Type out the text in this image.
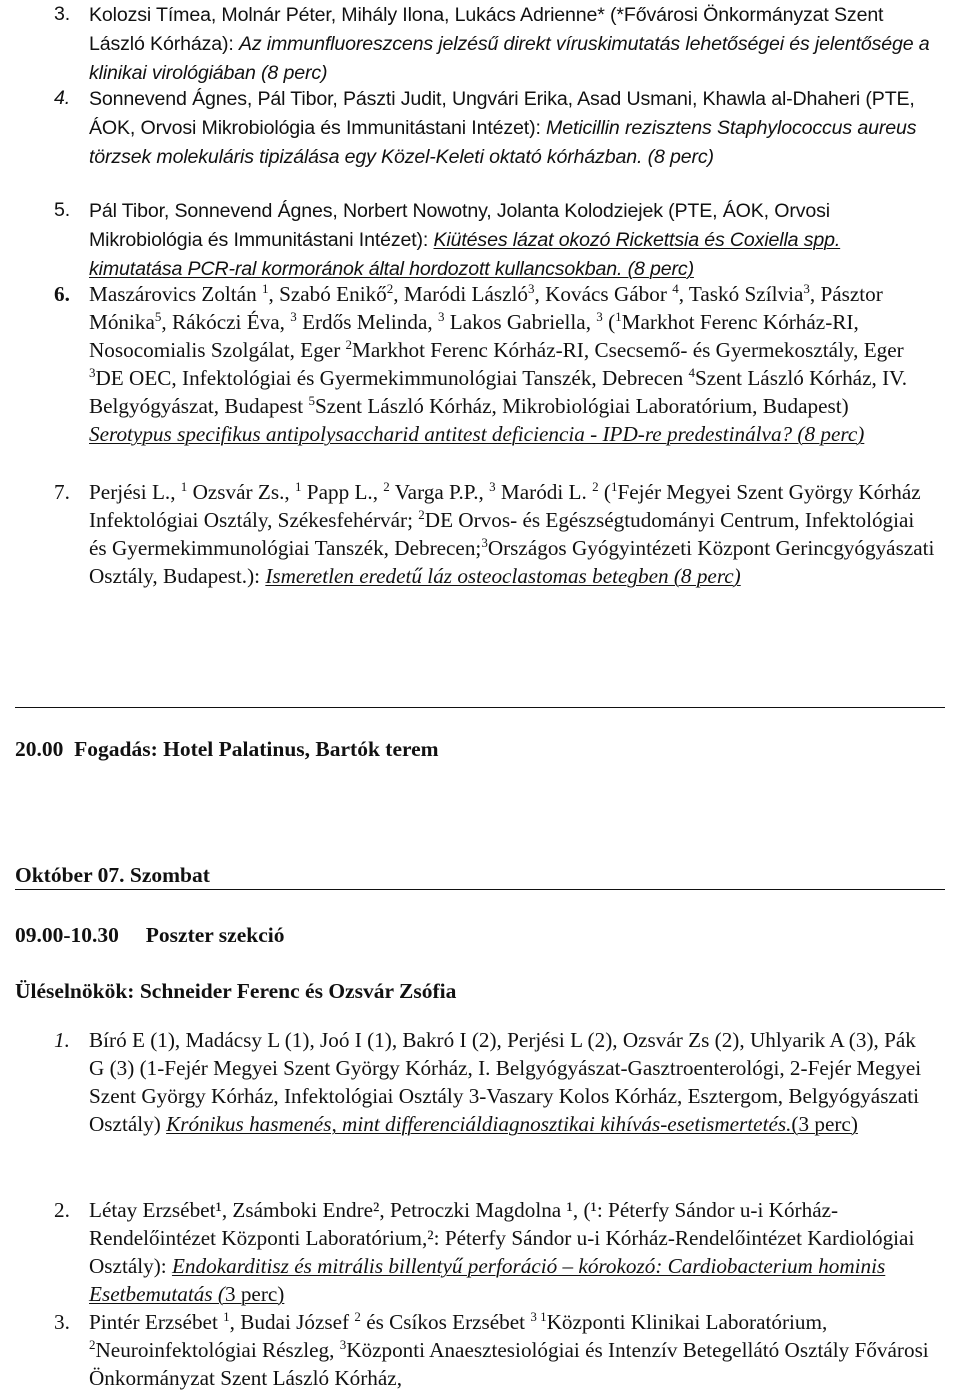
3. Kolozsi Tímea, Molnár Péter, Mihály Ilona, Lukács Adrienne* (*Fővárosi Önkormányzat Szent László Kórháza): Az immunfluoreszcens jelzésű direkt víruskimutatás lehetőségei és jelentősége a klinikai virológiában (8 perc)
4. Sonnevend Ágnes, Pál Tibor, Pászti Judit, Ungvári Erika, Asad Usmani, Khawla al-Dhaheri (PTE, ÁOK, Orvosi Mikrobiológia és Immunitástani Intézet): Meticillin rezisztens Staphylococcus aureus törzsek molekuláris tipizálása egy Közel-Keleti oktató kórházban. (8 perc)
5. Pál Tibor, Sonnevend Ágnes, Norbert Nowotny, Jolanta Kolodziejek (PTE, ÁOK, Orvosi Mikrobiológia és Immunitástani Intézet): Kiütéses lázat okozó Rickettsia és Coxiella spp. kimutatása PCR-ral kormoránok által hordozott kullancsokban. (8 perc)
6. Maszárovics Zoltán $^1$, Szabó Enikő$^2$, Maródi László$^3$, Kovács Gábor $^4$, Taskó Szílvia$^3$, Pásztor Mónika$^5$, Rákóczi Éva, $^3$ Erdős Melinda, $^3$ Lakos Gabriella, $^3$ ($^1$Markhot Ferenc Kórház-RI, Nosocomialis Szolgálat, Eger $^2$Markhot Ferenc Kórház-RI, Csecsemő- és Gyermekosztály, Eger $^3$DE OEC, Infektológiai és Gyermekimmunológiai Tanszék, Debrecen $^4$Szent László Kórház, IV. Belgyógyászat, Budapest $^5$Szent László Kórház, Mikrobiológiai Laboratórium, Budapest) Serotypus specifikus antipolysaccharid antitest deficiencia - IPD-re predestinálva? (8 perc)
7. Perjési L., $^1$ Ozsvár Zs., $^1$ Papp L., $^2$ Varga P.P., $^3$ Maródi L. $^2$ ($^1$Fejér Megyei Szent György Kórház Infektológiai Osztály, Székesfehérvár; $^2$DE Orvos- és Egészségtudományi Centrum, Infektológiai és Gyermekimmunológiai Tanszék, Debrecen;$^3$Országos Gyógyintézeti Központ Gerincgyógyászati Osztály, Budapest.): Ismeretlen eredetű láz osteoclastomas betegben (8 perc)
20.00  Fogadás: Hotel Palatinus, Bartók terem
Október 07. Szombat
09.00-10.30     Poszter szekció
Üléselnökök: Schneider Ferenc és Ozsvár Zsófia
1. Bíró E (1), Madácsy L (1), Joó I (1), Bakró I (2), Perjési L (2), Ozsvár Zs (2), Uhlyarik A (3), Pák G (3) (1-Fejér Megyei Szent György Kórház, I. Belgyógyászat-Gasztroenterológi, 2-Fejér Megyei Szent György Kórház, Infektológiai Osztály 3-Vaszary Kolos Kórház, Esztergom, Belgyógyászati Osztály) Krónikus hasmenés, mint differenciáldiagnosztikai kihívás-esetismertetés.(3 perc)
2. Létay Erzsébet¹, Zsámboki Endre², Petroczki Magdolna ¹, (¹: Péterfy Sándor u-i Kórház-Rendelőintézet Központi Laboratórium,²: Péterfy Sándor u-i Kórház-Rendelőintézet Kardiológiai Osztály): Endokarditisz és mitrális billentyű perforáció – kórokozó: Cardiobacterium hominis Esetbemutatás (3 perc)
3. Pintér Erzsébet $^1$, Budai József $^2$ és Csíkos Erzsébet $^{3 1}$Központi Klinikai Laboratórium, $^2$Neuroinfektológiai Részleg, $^3$Központi Anaesztesiológiai és Intenzív Betegellátó Osztály Fővárosi Önkormányzat Szent László Kórház,
